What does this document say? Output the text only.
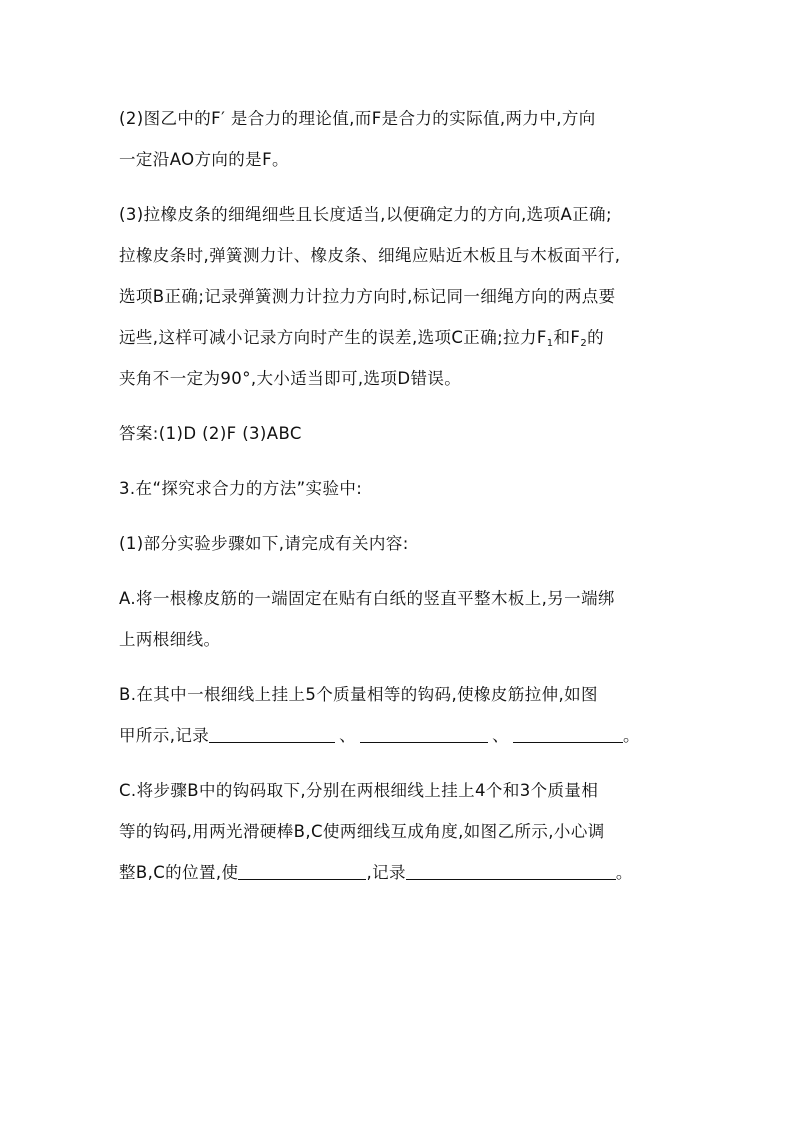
(2)图乙中的F′ 是合力的理论值,而F是合力的实际值,两力中,方向
一定沿AO方向的是F。
(3)拉橡皮条的细绳细些且长度适当,以便确定力的方向,选项A正确;
拉橡皮条时,弹簧测力计、橡皮条、细绳应贴近木板且与木板面平行,
选项B正确;记录弹簧测力计拉力方向时,标记同一细绳方向的两点要
远些,这样可减小记录方向时产生的误差,选项C正确;拉力$F_1$和$F_2$的
夹角不一定为90°,大小适当即可,选项D错误。
答案:(1)D (2)F (3)ABC
3.在“探究求合力的方法”实验中:
(1)部分实验步骤如下,请完成有关内容:
A.将一根橡皮筋的一端固定在贴有白纸的竖直平整木板上,另一端绑
上两根细线。
B.在其中一根细线上挂上5个质量相等的钩码,使橡皮筋拉伸,如图
甲所示,记录	、	、	。
C.将步骤B中的钩码取下,分别在两根细线上挂上4个和3个质量相
等的钩码,用两光滑硬棒B,C使两细线互成角度,如图乙所示,小心调
整B,C的位置,使	,记录	。
